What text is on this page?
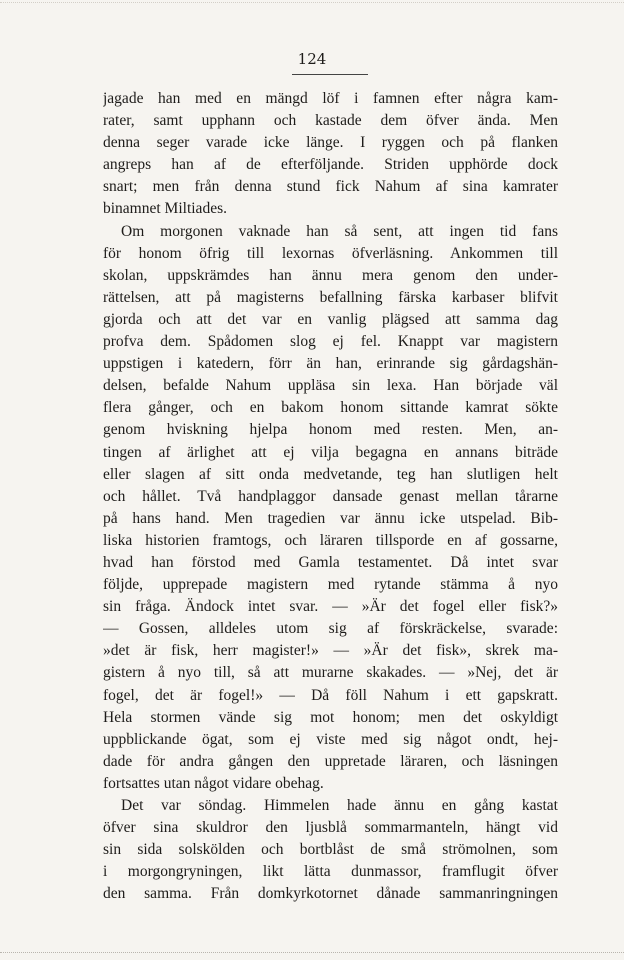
124
jagade han med en mängd löf i famnen efter några kam-
rater, samt upphann och kastade dem öfver ända. Men
denna seger varade icke länge. I ryggen och på flanken
angreps han af de efterföljande. Striden upphörde dock
snart; men från denna stund fick Nahum af sina kamrater
binamnet Miltiades.
Om morgonen vaknade han så sent, att ingen tid fans
för honom öfrig till lexornas öfverläsning. Ankommen till
skolan, uppskrämdes han ännu mera genom den under-
rättelsen, att på magisterns befallning färska karbaser blifvit
gjorda och att det var en vanlig plägsed att samma dag
profva dem. Spådomen slog ej fel. Knappt var magistern
uppstigen i katedern, förr än han, erinrande sig gårdagshän-
delsen, befalde Nahum uppläsa sin lexa. Han började väl
flera gånger, och en bakom honom sittande kamrat sökte
genom hviskning hjelpa honom med resten. Men, an-
tingen af ärlighet att ej vilja begagna en annans biträde
eller slagen af sitt onda medvetande, teg han slutligen helt
och hållet. Två handplaggor dansade genast mellan tårarne
på hans hand. Men tragedien var ännu icke utspelad. Bib-
liska historien framtogs, och läraren tillsporde en af gossarne,
hvad han förstod med Gamla testamentet. Då intet svar
följde, upprepade magistern med rytande stämma å nyo
sin fråga. Ändock intet svar. — »Är det fogel eller fisk?»
— Gossen, alldeles utom sig af förskräckelse, svarade:
»det är fisk, herr magister!» — »Är det fisk», skrek ma-
gistern å nyo till, så att murarne skakades. — »Nej, det är
fogel, det är fogel!» — Då föll Nahum i ett gapskratt.
Hela stormen vände sig mot honom; men det oskyldigt
uppblickande ögat, som ej viste med sig något ondt, hej-
dade för andra gången den uppretade läraren, och läsningen
fortsattes utan något vidare obehag.
Det var söndag. Himmelen hade ännu en gång kastat
öfver sina skuldror den ljusblå sommarmanteln, hängt vid
sin sida solskölden och bortblåst de små strömolnen, som
i morgongryningen, likt lätta dunmassor, framflugit öfver
den samma. Från domkyrkotornet dånade sammanringningen
